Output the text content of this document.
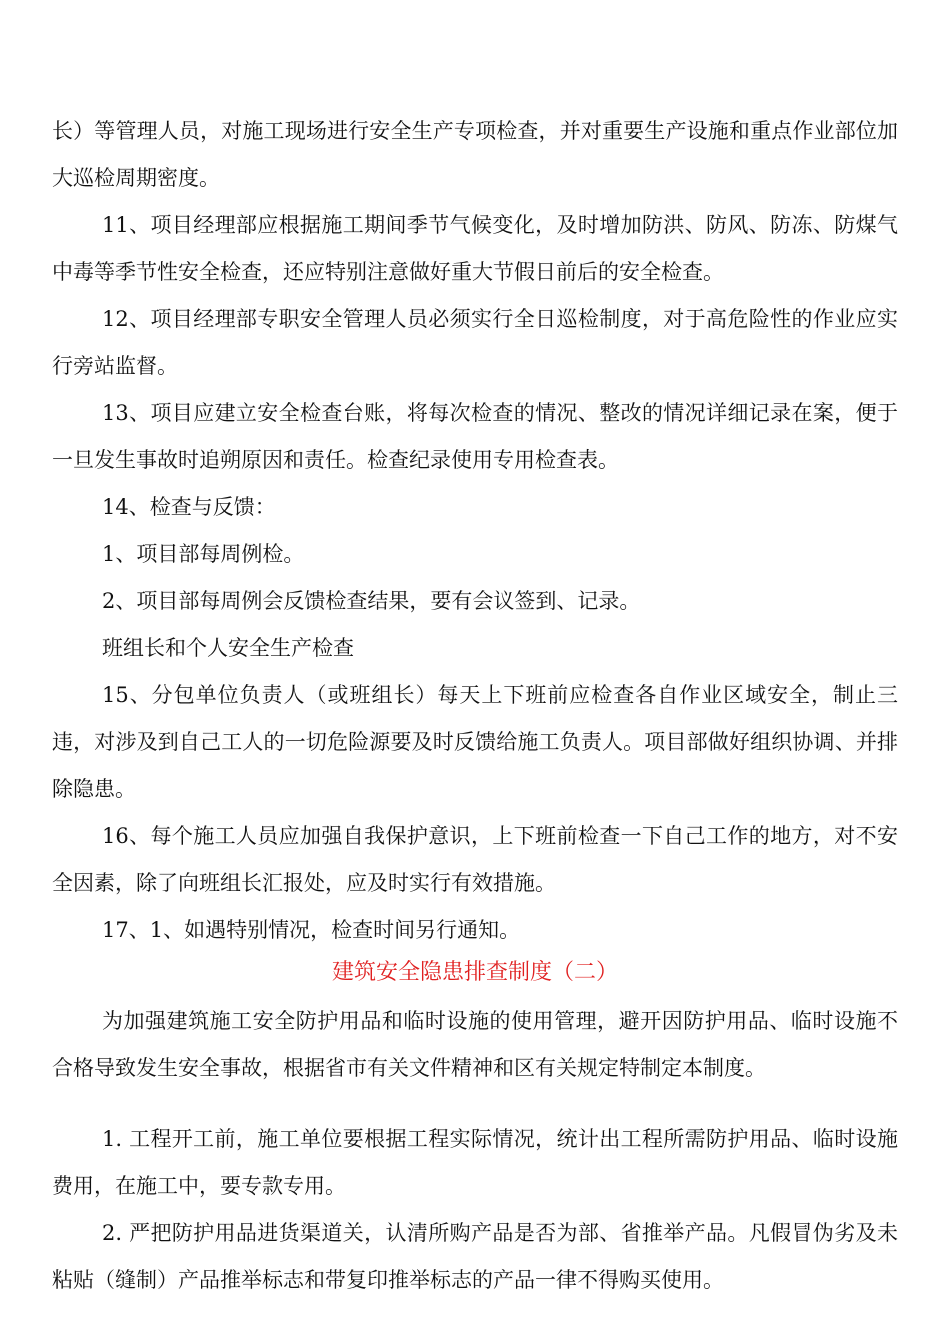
长）等管理人员，对施工现场进行安全生产专项检查，并对重要生产设施和重点作业部位加大巡检周期密度。

11、项目经理部应根据施工期间季节气候变化，及时增加防洪、防风、防冻、防煤气中毒等季节性安全检查，还应特别注意做好重大节假日前后的安全检查。

12、项目经理部专职安全管理人员必须实行全日巡检制度，对于高危险性的作业应实行旁站监督。

13、项目应建立安全检查台账，将每次检查的情况、整改的情况详细记录在案，便于一旦发生事故时追朔原因和责任。检查纪录使用专用检查表。

14、检查与反馈：

1、项目部每周例检。

2、项目部每周例会反馈检查结果，要有会议签到、记录。

班组长和个人安全生产检查

15、分包单位负责人（或班组长）每天上下班前应检查各自作业区域安全，制止三违，对涉及到自己工人的一切危险源要及时反馈给施工负责人。项目部做好组织协调、并排除隐患。

16、每个施工人员应加强自我保护意识，上下班前检查一下自己工作的地方，对不安全因素，除了向班组长汇报处，应及时实行有效措施。

17、1、如遇特别情况，检查时间另行通知。

建筑安全隐患排查制度（二）

为加强建筑施工安全防护用品和临时设施的使用管理，避开因防护用品、临时设施不合格导致发生安全事故，根据省市有关文件精神和区有关规定特制定本制度。

1. 工程开工前，施工单位要根据工程实际情况，统计出工程所需防护用品、临时设施费用，在施工中，要专款专用。

2. 严把防护用品进货渠道关，认清所购产品是否为部、省推举产品。凡假冒伪劣及未粘贴（缝制）产品推举标志和带复印推举标志的产品一律不得购买使用。
